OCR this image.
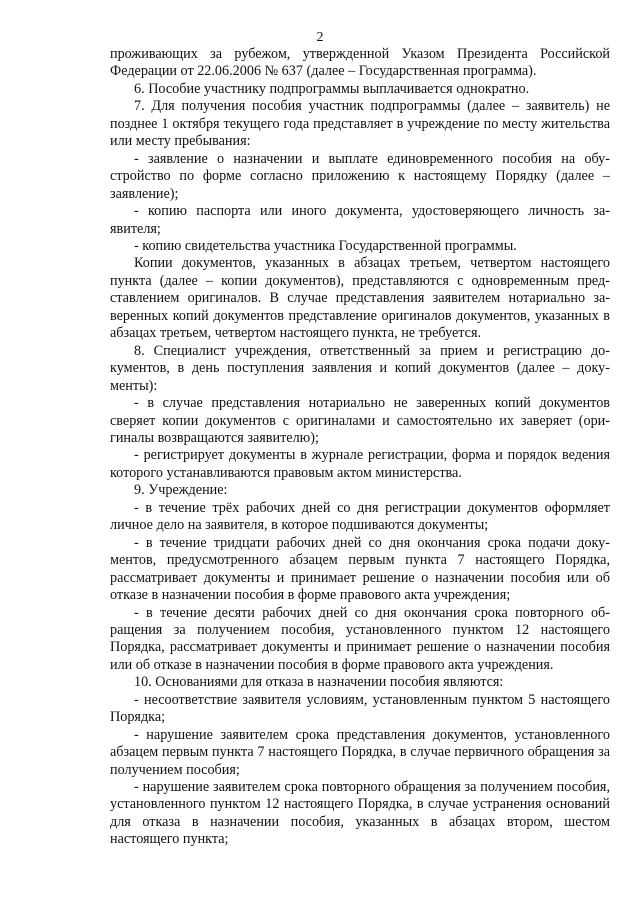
2

проживающих за рубежом, утвержденной Указом Президента Российской Федерации от 22.06.2006 № 637 (далее – Государственная программа).

6. Пособие участнику подпрограммы выплачивается однократно.

7. Для получения пособия участник подпрограммы (далее – заявитель) не позднее 1 октября текущего года представляет в учреждение по месту жительства или месту пребывания:

- заявление о назначении и выплате единовременного пособия на обустройство по форме согласно приложению к настоящему Порядку (далее – заявление);

- копию паспорта или иного документа, удостоверяющего личность заявителя;

- копию свидетельства участника Государственной программы.

Копии документов, указанных в абзацах третьем, четвертом настоящего пункта (далее – копии документов), представляются с одновременным представлением оригиналов. В случае представления заявителем нотариально заверенных копий документов представление оригиналов документов, указанных в абзацах третьем, четвертом настоящего пункта, не требуется.

8. Специалист учреждения, ответственный за прием и регистрацию документов, в день поступления заявления и копий документов (далее – документы):

- в случае представления нотариально не заверенных копий документов сверяет копии документов с оригиналами и самостоятельно их заверяет (оригиналы возвращаются заявителю);

- регистрирует документы в журнале регистрации, форма и порядок ведения которого устанавливаются правовым актом министерства.

9. Учреждение:

- в течение трёх рабочих дней со дня регистрации документов оформляет личное дело на заявителя, в которое подшиваются документы;

- в течение тридцати рабочих дней со дня окончания срока подачи документов, предусмотренного абзацем первым пункта 7 настоящего Порядка, рассматривает документы и принимает решение о назначении пособия или об отказе в назначении пособия в форме правового акта учреждения;

- в течение десяти рабочих дней со дня окончания срока повторного обращения за получением пособия, установленного пунктом 12 настоящего Порядка, рассматривает документы и принимает решение о назначении пособия или об отказе в назначении пособия в форме правового акта учреждения.

10. Основаниями для отказа в назначении пособия являются:

- несоответствие заявителя условиям, установленным пунктом 5 настоящего Порядка;

- нарушение заявителем срока представления документов, установленного абзацем первым пункта 7 настоящего Порядка, в случае первичного обращения за получением пособия;

- нарушение заявителем срока повторного обращения за получением пособия, установленного пунктом 12 настоящего Порядка, в случае устранения оснований для отказа в назначении пособия, указанных в абзацах втором, шестом настоящего пункта;
